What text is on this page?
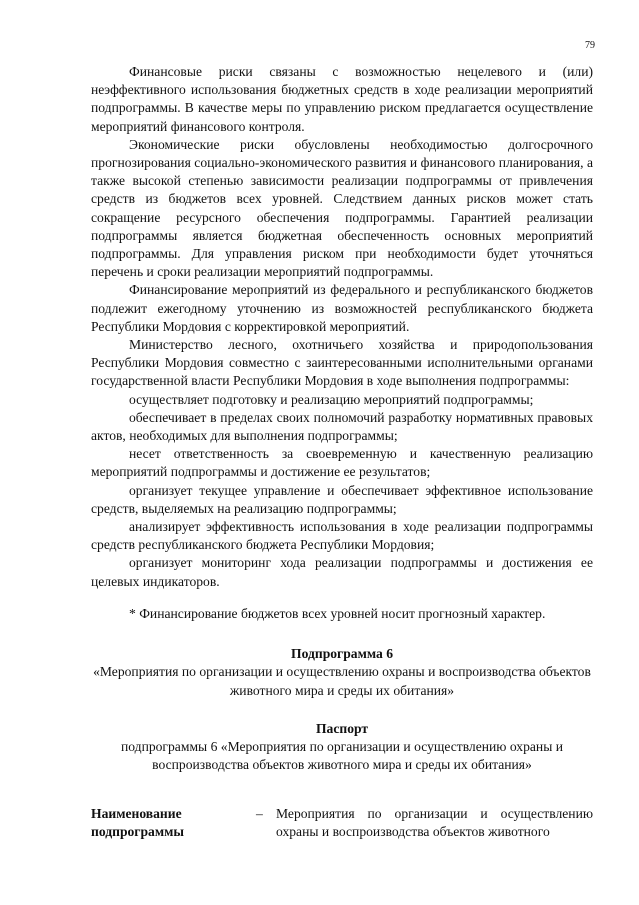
79

Финансовые риски связаны с возможностью нецелевого и (или) неэффективного использования бюджетных средств в ходе реализации мероприятий подпрограммы. В качестве меры по управлению риском предлагается осуществление мероприятий финансового контроля.

Экономические риски обусловлены необходимостью долгосрочного прогнозирования социально-экономического развития и финансового планирования, а также высокой степенью зависимости реализации подпрограммы от привлечения средств из бюджетов всех уровней. Следствием данных рисков может стать сокращение ресурсного обеспечения подпрограммы. Гарантией реализации подпрограммы является бюджетная обеспеченность основных мероприятий подпрограммы. Для управления риском при необходимости будет уточняться перечень и сроки реализации мероприятий подпрограммы.

Финансирование мероприятий из федерального и республиканского бюджетов подлежит ежегодному уточнению из возможностей республиканского бюджета Республики Мордовия с корректировкой мероприятий.

Министерство лесного, охотничьего хозяйства и природопользования Республики Мордовия совместно с заинтересованными исполнительными органами государственной власти Республики Мордовия в ходе выполнения подпрограммы:

осуществляет подготовку и реализацию мероприятий подпрограммы;

обеспечивает в пределах своих полномочий разработку нормативных правовых актов, необходимых для выполнения подпрограммы;

несет ответственность за своевременную и качественную реализацию мероприятий подпрограммы и достижение ее результатов;

организует текущее управление и обеспечивает эффективное использование средств, выделяемых на реализацию подпрограммы;

анализирует эффективность использования в ходе реализации подпрограммы средств республиканского бюджета Республики Мордовия;

организует мониторинг хода реализации подпрограммы и достижения ее целевых индикаторов.

* Финансирование бюджетов всех уровней носит прогнозный характер.

Подпрограмма 6

«Мероприятия по организации и осуществлению охраны и воспроизводства объектов животного мира и среды их обитания»

Паспорт

подпрограммы 6 «Мероприятия по организации и осуществлению охраны и воспроизводства объектов животного мира и среды их обитания»

Наименование подпрограммы
– Мероприятия по организации и осуществлению охраны и воспроизводства объектов животного
